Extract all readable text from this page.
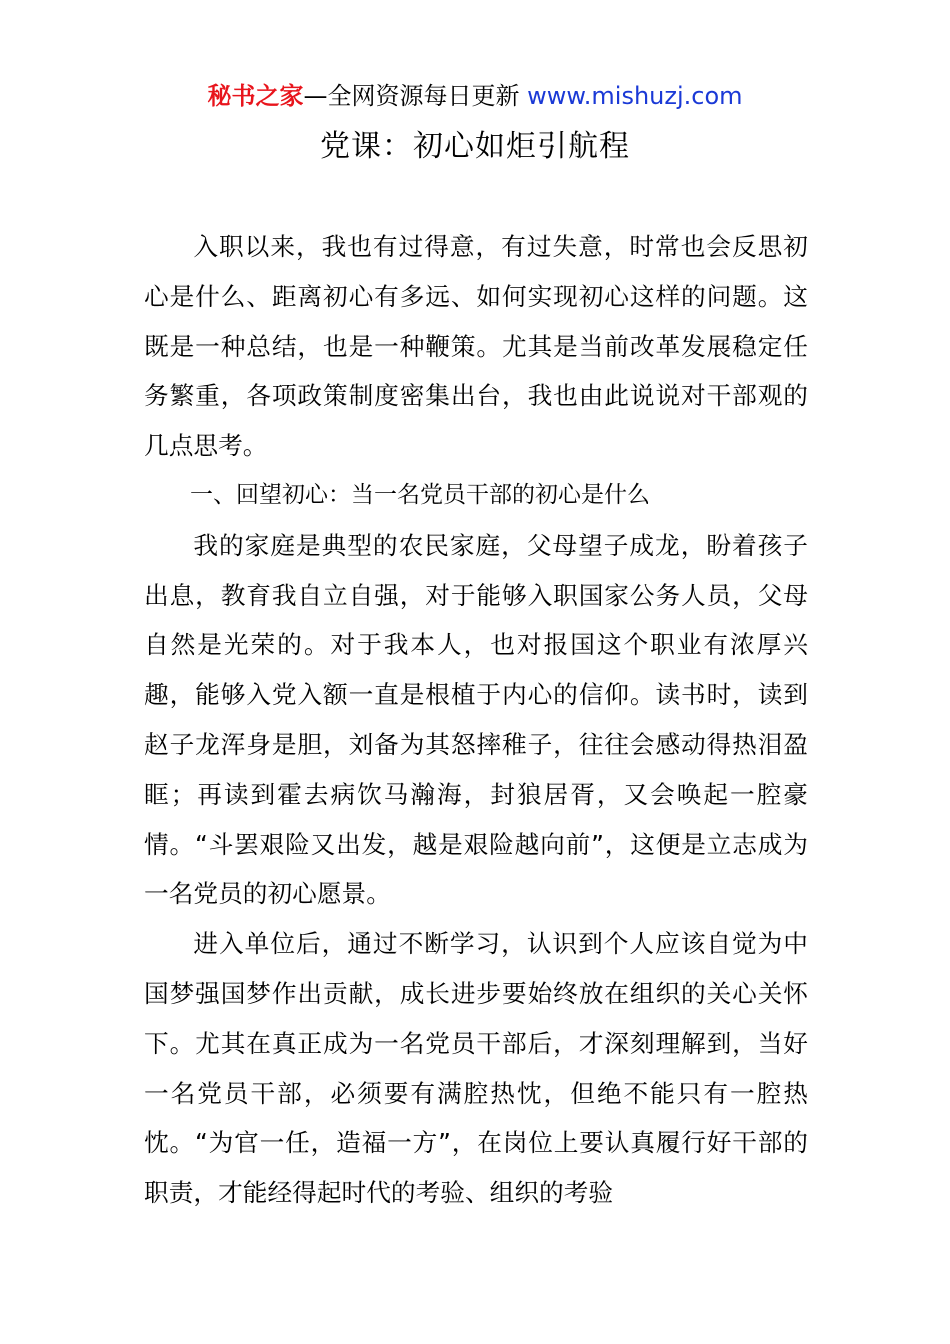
秘书之家—全网资源每日更新 www.mishuzj.com
党课：初心如炬引航程

入职以来，我也有过得意，有过失意，时常也会反思初心是什么、距离初心有多远、如何实现初心这样的问题。这既是一种总结，也是一种鞭策。尤其是当前改革发展稳定任务繁重，各项政策制度密集出台，我也由此说说对干部观的几点思考。

一、回望初心：当一名党员干部的初心是什么

我的家庭是典型的农民家庭，父母望子成龙，盼着孩子出息，教育我自立自强，对于能够入职国家公务人员，父母自然是光荣的。对于我本人，也对报国这个职业有浓厚兴趣，能够入党入额一直是根植于内心的信仰。读书时，读到赵子龙浑身是胆，刘备为其怒摔稚子，往往会感动得热泪盈眶；再读到霍去病饮马瀚海，封狼居胥，又会唤起一腔豪情。“斗罢艰险又出发，越是艰险越向前”，这便是立志成为一名党员的初心愿景。

进入单位后，通过不断学习，认识到个人应该自觉为中国梦强国梦作出贡献，成长进步要始终放在组织的关心关怀下。尤其在真正成为一名党员干部后，才深刻理解到，当好一名党员干部，必须要有满腔热忱，但绝不能只有一腔热忱。“为官一任，造福一方”，在岗位上要认真履行好干部的职责，才能经得起时代的考验、组织的考验
